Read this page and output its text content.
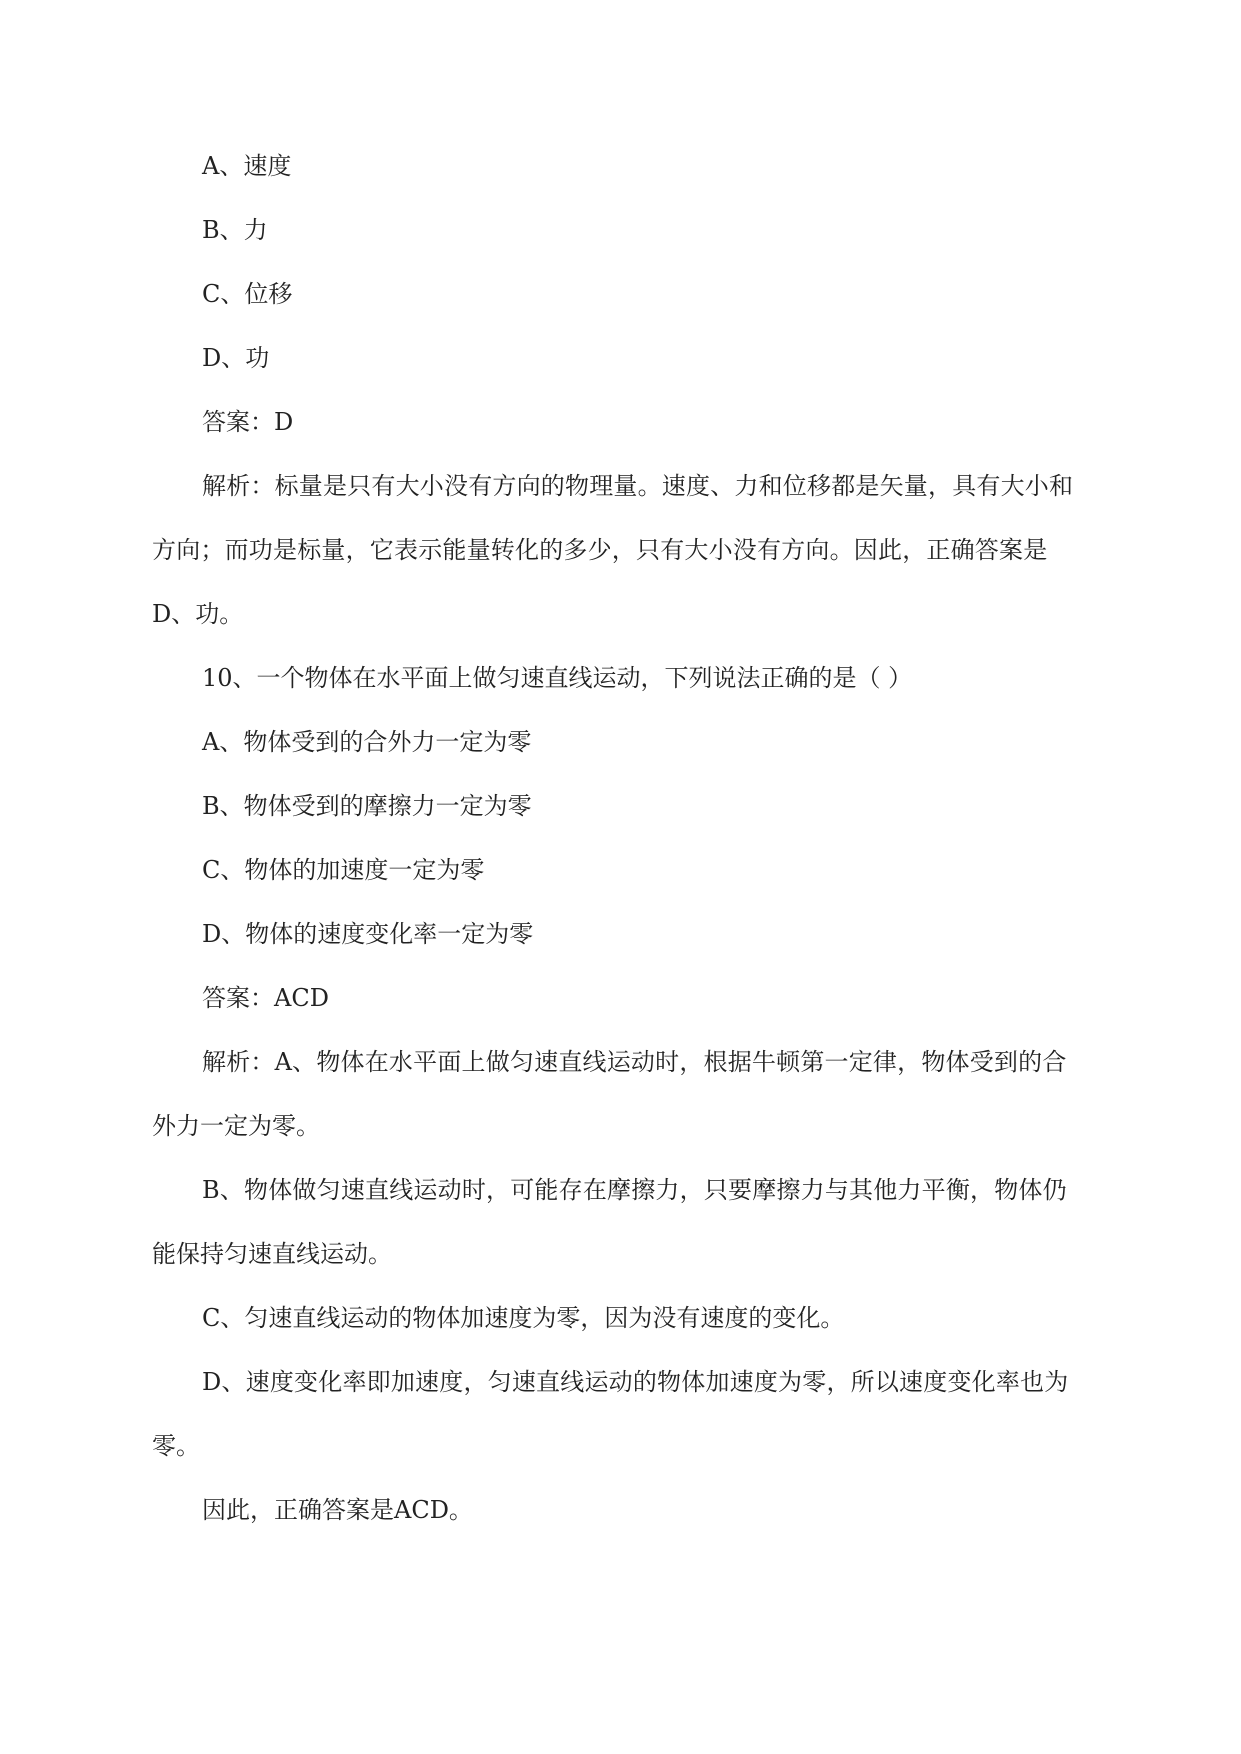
A、速度
B、力
C、位移
D、功
答案：D
解析：标量是只有大小没有方向的物理量。速度、力和位移都是矢量，具有大小和
方向；而功是标量，它表示能量转化的多少，只有大小没有方向。因此，正确答案是
D、功。
10、一个物体在水平面上做匀速直线运动，下列说法正确的是（ ）
A、物体受到的合外力一定为零
B、物体受到的摩擦力一定为零
C、物体的加速度一定为零
D、物体的速度变化率一定为零
答案：ACD
解析：A、物体在水平面上做匀速直线运动时，根据牛顿第一定律，物体受到的合
外力一定为零。
B、物体做匀速直线运动时，可能存在摩擦力，只要摩擦力与其他力平衡，物体仍
能保持匀速直线运动。
C、匀速直线运动的物体加速度为零，因为没有速度的变化。
D、速度变化率即加速度，匀速直线运动的物体加速度为零，所以速度变化率也为
零。
因此，正确答案是ACD。
